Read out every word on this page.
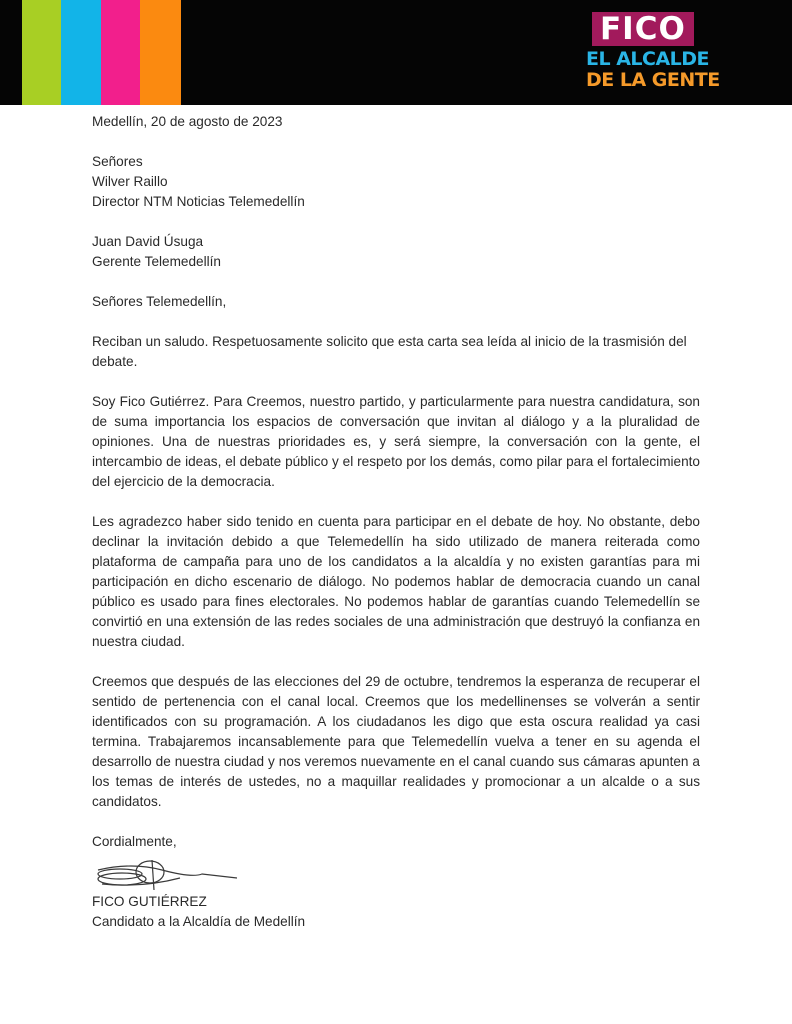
FICO
EL ALCALDE
DE LA GENTE

Medellín, 20 de agosto de 2023

Señores

Wilver Raillo

Director NTM Noticias Telemedellín

Juan David Úsuga

Gerente Telemedellín

Señores Telemedellín,

Reciban un saludo. Respetuosamente solicito que esta carta sea leída al inicio de la trasmisión del debate.

Soy Fico Gutiérrez. Para Creemos, nuestro partido, y particularmente para nuestra candidatura, son de suma importancia los espacios de conversación que invitan al diálogo y a la pluralidad de opiniones. Una de nuestras prioridades es, y será siempre, la conversación con la gente, el intercambio de ideas, el debate público y el respeto por los demás, como pilar para el fortalecimiento del ejercicio de la democracia.

Les agradezco haber sido tenido en cuenta para participar en el debate de hoy. No obstante, debo declinar la invitación debido a que Telemedellín ha sido utilizado de manera reiterada como plataforma de campaña para uno de los candidatos a la alcaldía y no existen garantías para mi participación en dicho escenario de diálogo. No podemos hablar de democracia cuando un canal público es usado para fines electorales. No podemos hablar de garantías cuando Telemedellín se convirtió en una extensión de las redes sociales de una administración que destruyó la confianza en nuestra ciudad.

Creemos que después de las elecciones del 29 de octubre, tendremos la esperanza de recuperar el sentido de pertenencia con el canal local. Creemos que los medellinenses se volverán a sentir identificados con su programación. A los ciudadanos les digo que esta oscura realidad ya casi termina. Trabajaremos incansablemente para que Telemedellín vuelva a tener en su agenda el desarrollo de nuestra ciudad y nos veremos nuevamente en el canal cuando sus cámaras apunten a los temas de interés de ustedes, no a maquillar realidades y promocionar a un alcalde o a sus candidatos.

Cordialmente,

FICO GUTIÉRREZ

Candidato a la Alcaldía de Medellín
